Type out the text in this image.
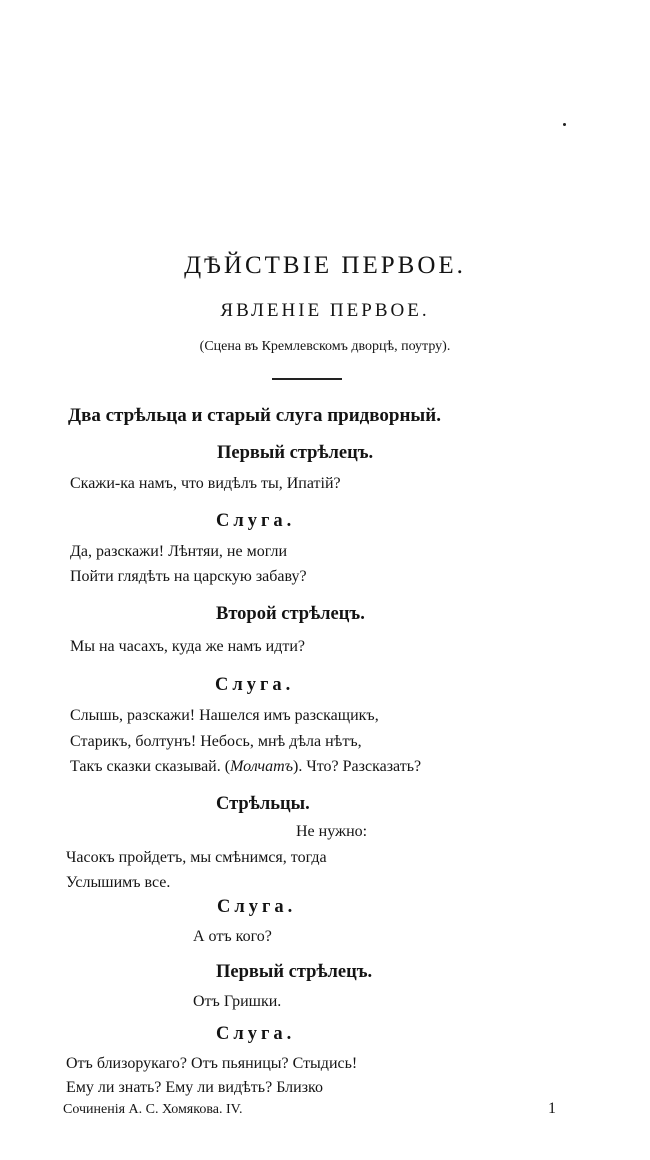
ДѢЙСТВІЕ ПЕРВОЕ.
ЯВЛЕНІЕ ПЕРВОЕ.
(Сцена въ Кремлевскомъ дворцѣ, поутру).
Два стрѣльца и старый слуга придворный.
Первый стрѣлецъ.
Скажи-ка намъ, что видѣлъ ты, Ипатій?
Слуга.
Да, разскажи! Лѣнтяи, не могли
Пойти глядѣть на царскую забаву?
Второй стрѣлецъ.
Мы на часахъ, куда же намъ идти?
Слуга.
Слышь, разскажи! Нашелся имъ разскащикъ,
Старикъ, болтунъ! Небось, мнѣ дѣла нѣтъ,
Такъ сказки сказывай. (Молчатъ). Что? Разсказать?
Стрѣльцы.
Не нужно:
Часокъ пройдетъ, мы смѣнимся, тогда
Услышимъ все.
Слуга.
А отъ кого?
Первый стрѣлецъ.
Отъ Гришки.
Слуга.
Отъ близорукаго? Отъ пьяницы? Стыдись!
Ему ли знать? Ему ли видѣть? Близко
Сочиненія А. С. Хомякова. IV.	1
